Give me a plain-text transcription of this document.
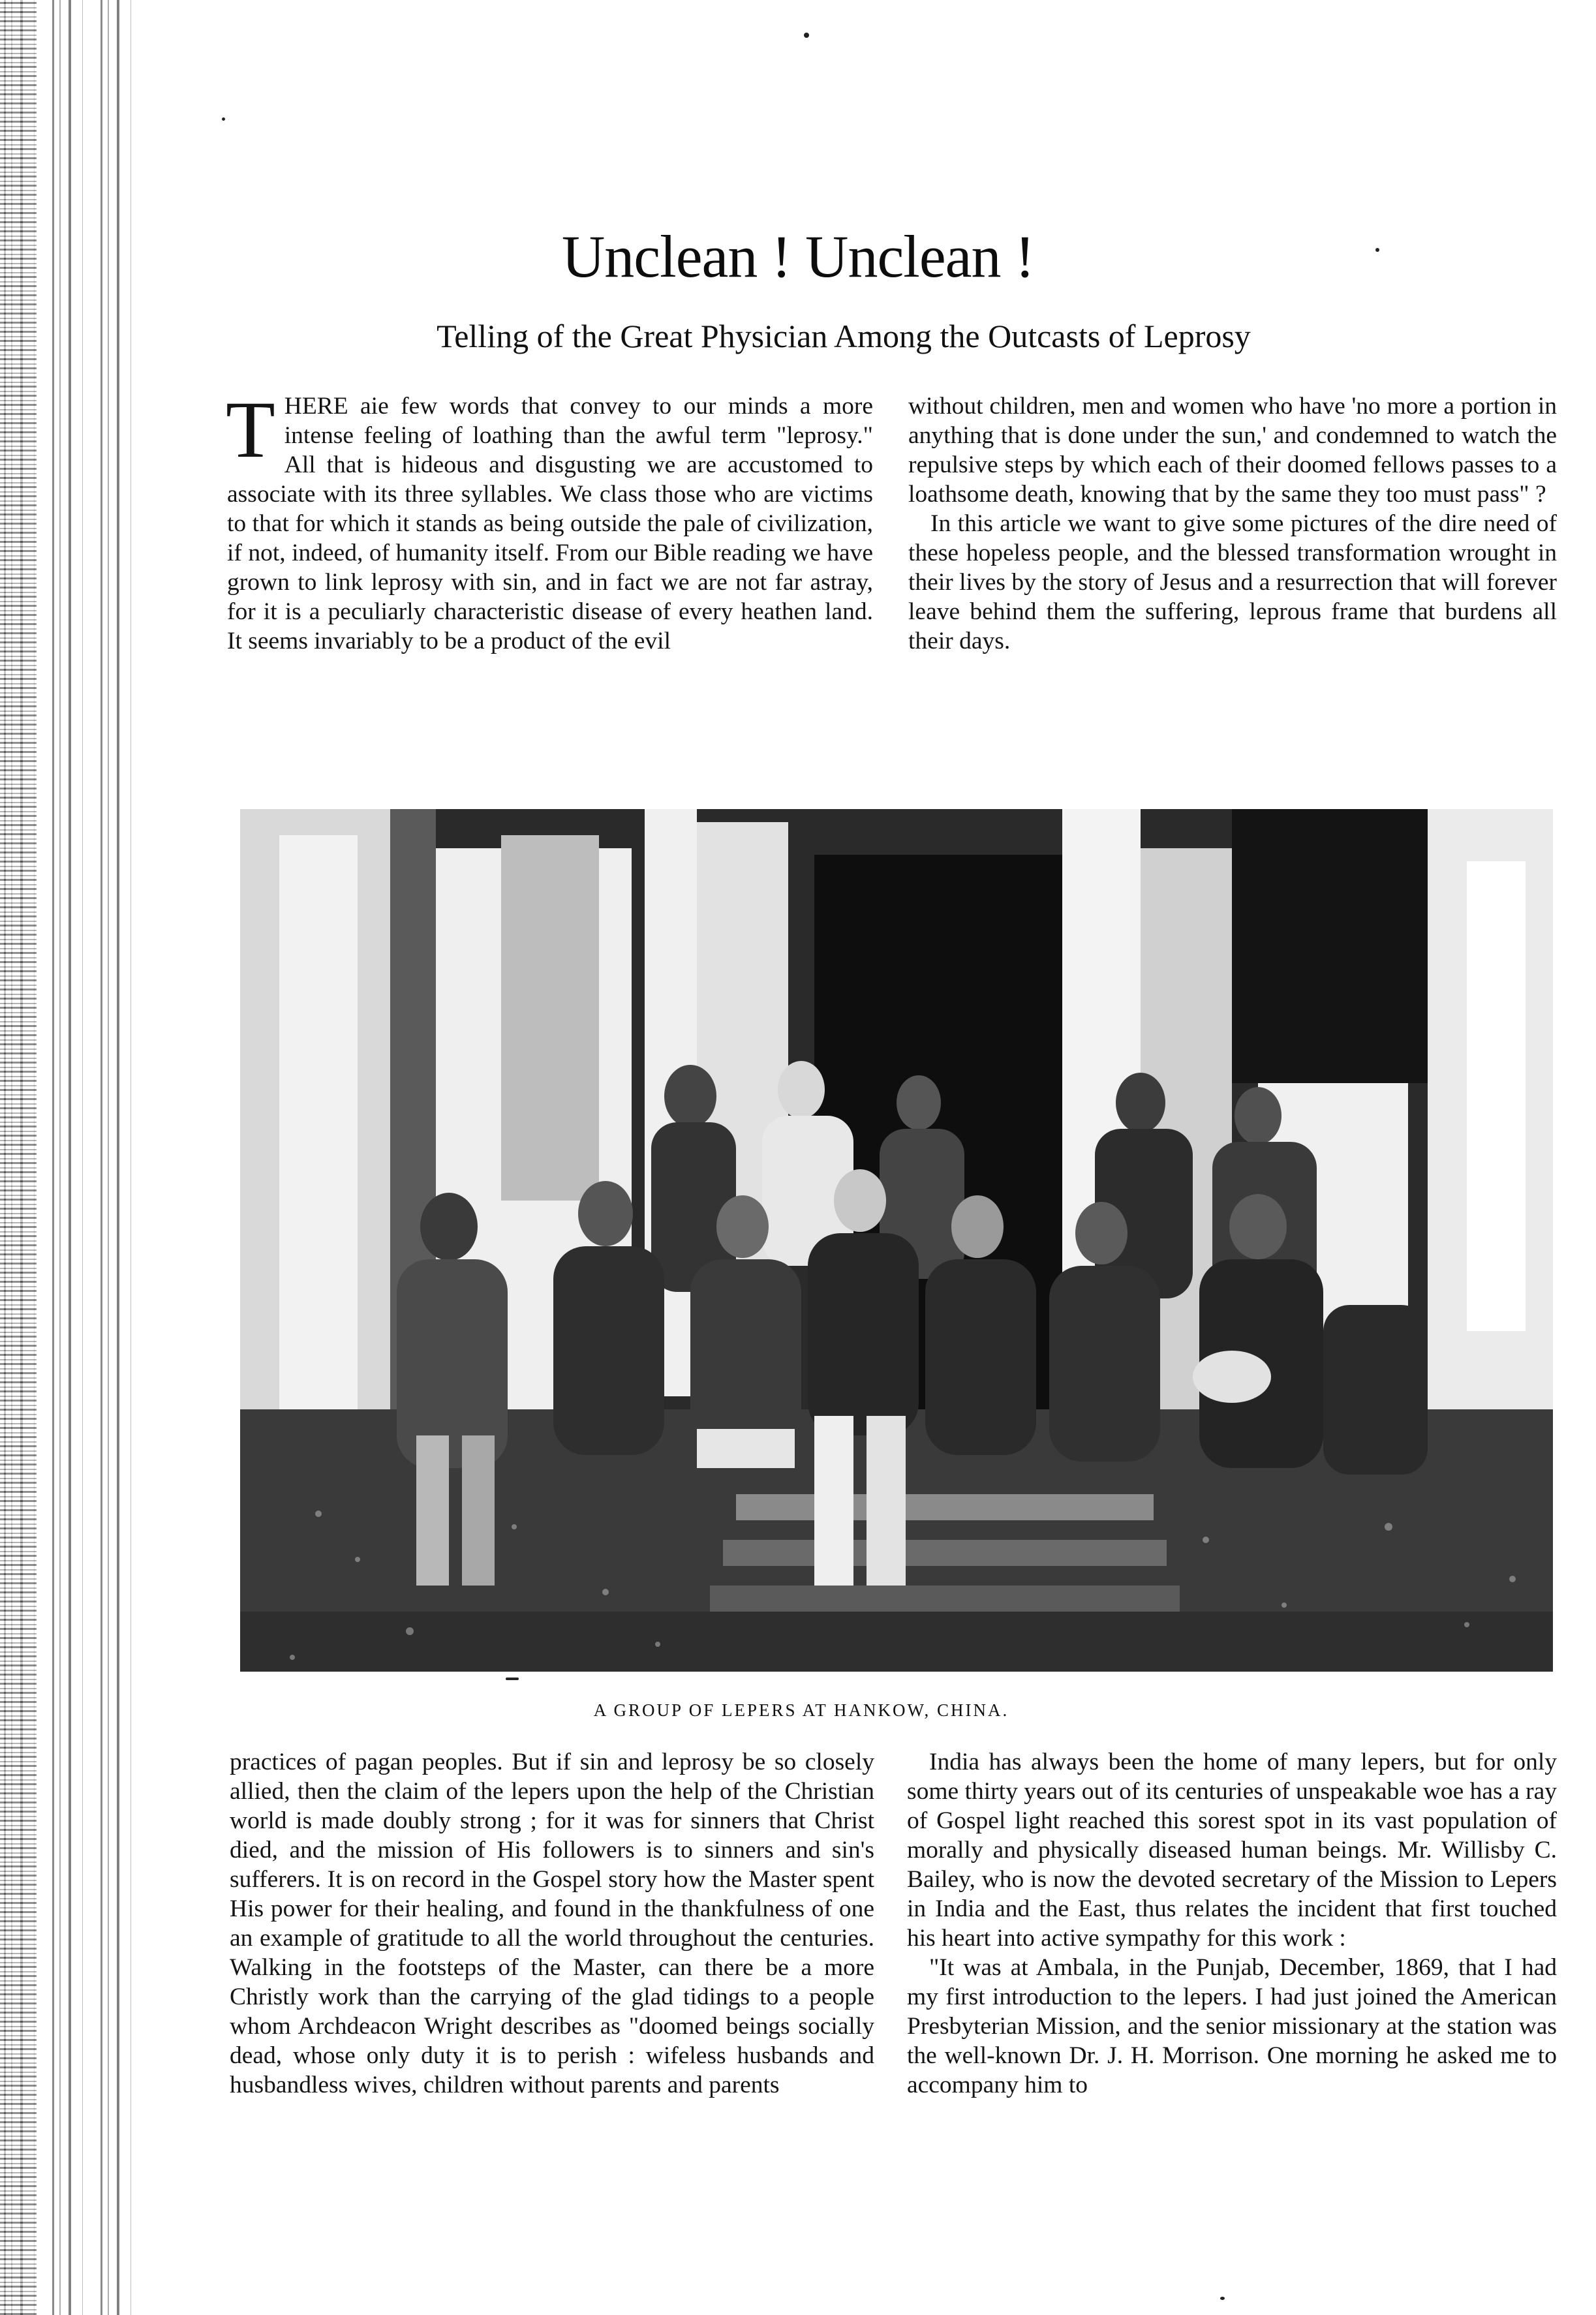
Unclean ! Unclean !
Telling of the Great Physician Among the Outcasts of Leprosy

THERE aie few words that convey to our minds a more intense feeling of loathing than the awful term "leprosy." All that is hideous and disgusting we are accustomed to associate with its three syllables. We class those who are victims to that for which it stands as being outside the pale of civilization, if not, indeed, of humanity itself. From our Bible reading we have grown to link leprosy with sin, and in fact we are not far astray, for it is a peculiarly characteristic disease of every heathen land. It seems invariably to be a product of the evil

without children, men and women who have 'no more a portion in anything that is done under the sun,' and condemned to watch the repulsive steps by which each of their doomed fellows passes to a loathsome death, knowing that by the same they too must pass" ?

In this article we want to give some pictures of the dire need of these hopeless people, and the blessed transformation wrought in their lives by the story of Jesus and a resurrection that will forever leave behind them the suffering, leprous frame that burdens all their days.

A GROUP OF LEPERS AT HANKOW, CHINA.

practices of pagan peoples. But if sin and leprosy be so closely allied, then the claim of the lepers upon the help of the Christian world is made doubly strong ; for it was for sinners that Christ died, and the mission of His followers is to sinners and sin's sufferers. It is on record in the Gospel story how the Master spent His power for their healing, and found in the thankfulness of one an example of gratitude to all the world throughout the centuries. Walking in the footsteps of the Master, can there be a more Christly work than the carrying of the glad tidings to a people whom Archdeacon Wright describes as "doomed beings socially dead, whose only duty it is to perish : wifeless husbands and husbandless wives, children without parents and parents

India has always been the home of many lepers, but for only some thirty years out of its centuries of unspeakable woe has a ray of Gospel light reached this sorest spot in its vast population of morally and physically diseased human beings. Mr. Willisby C. Bailey, who is now the devoted secretary of the Mission to Lepers in India and the East, thus relates the incident that first touched his heart into active sympathy for this work :

"It was at Ambala, in the Punjab, December, 1869, that I had my first introduction to the lepers. I had just joined the American Presbyterian Mission, and the senior missionary at the station was the well-known Dr. J. H. Morrison. One morning he asked me to accompany him to
